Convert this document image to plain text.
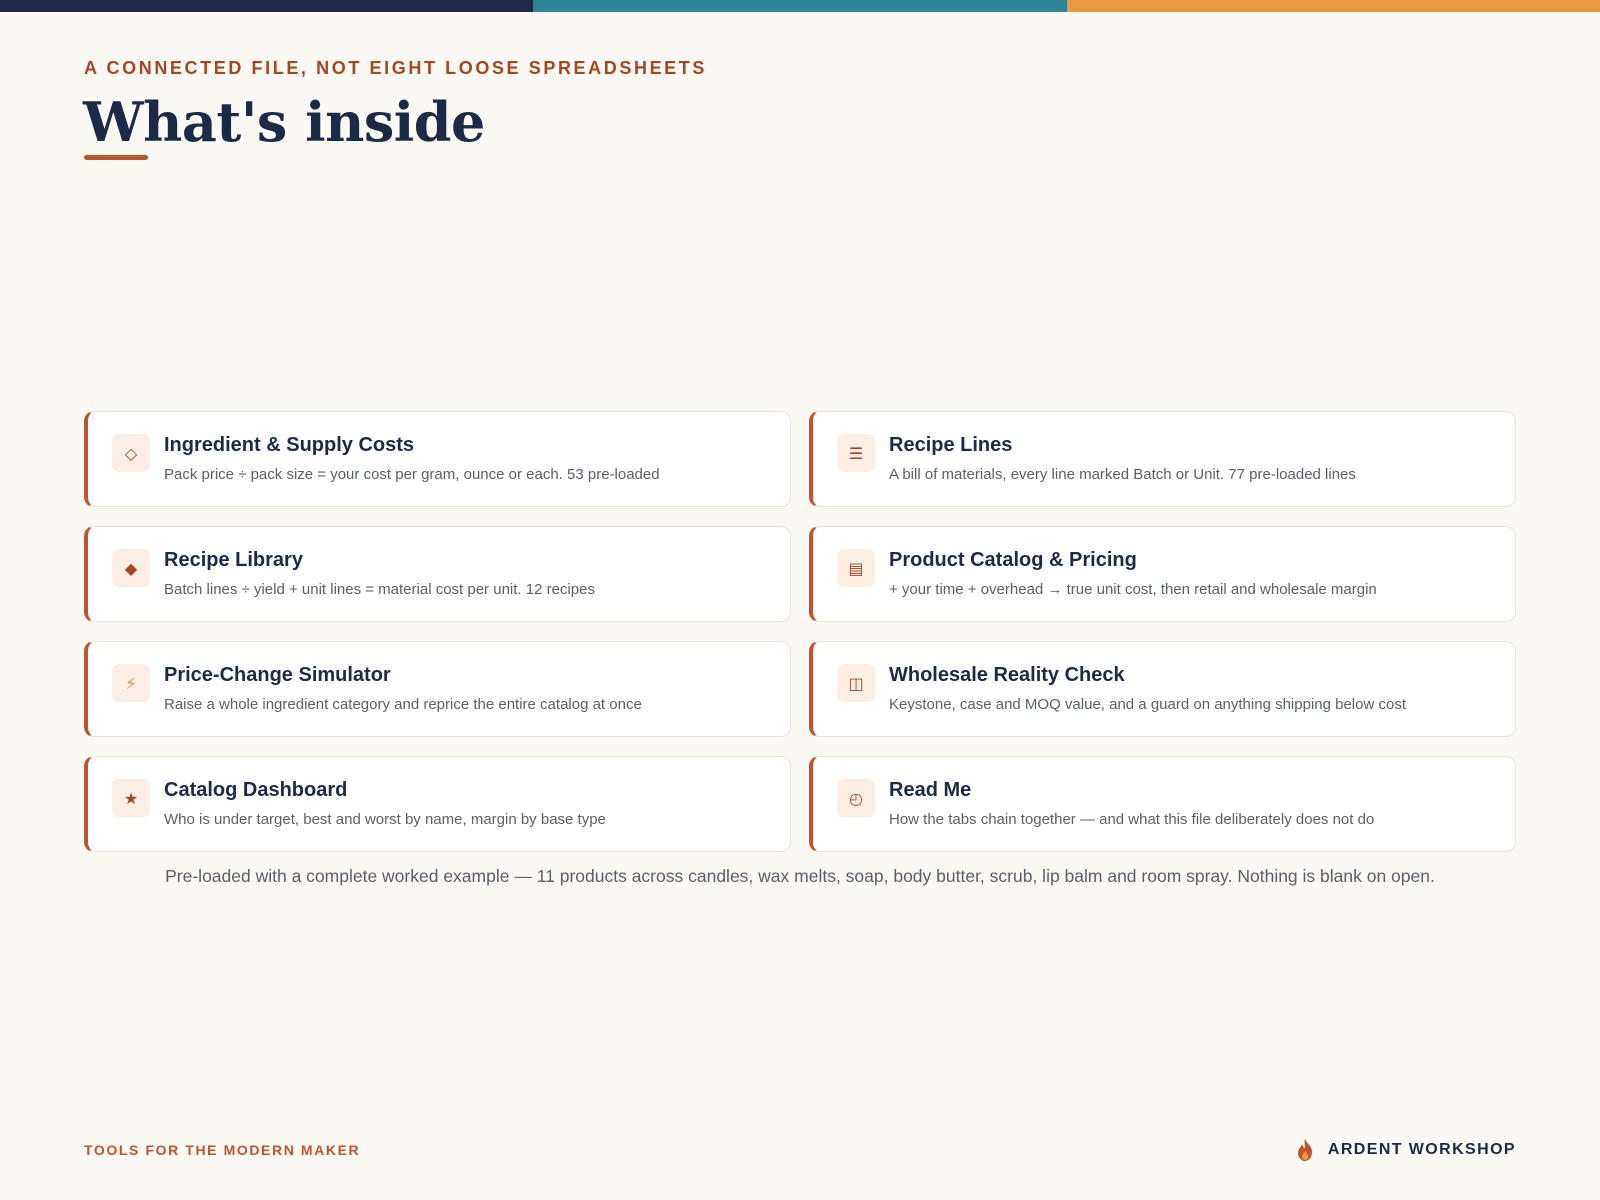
A CONNECTED FILE, NOT EIGHT LOOSE SPREADSHEETS
What's inside
◇	Ingredient & Supply Costs
Pack price ÷ pack size = your cost per gram, ounce or each. 53 pre-loaded
☰	Recipe Lines
A bill of materials, every line marked Batch or Unit. 77 pre-loaded lines
◆	Recipe Library
Batch lines ÷ yield + unit lines = material cost per unit. 12 recipes
▤	Product Catalog & Pricing
+ your time + overhead → true unit cost, then retail and wholesale margin
⚡	Price-Change Simulator
Raise a whole ingredient category and reprice the entire catalog at once
◫	Wholesale Reality Check
Keystone, case and MOQ value, and a guard on anything shipping below cost
★	Catalog Dashboard
Who is under target, best and worst by name, margin by base type
◴	Read Me
How the tabs chain together — and what this file deliberately does not do
Pre-loaded with a complete worked example — 11 products across candles, wax melts, soap, body butter, scrub, lip balm and room spray. Nothing is blank on open.
TOOLS FOR THE MODERN MAKER	ARDENT WORKSHOP
